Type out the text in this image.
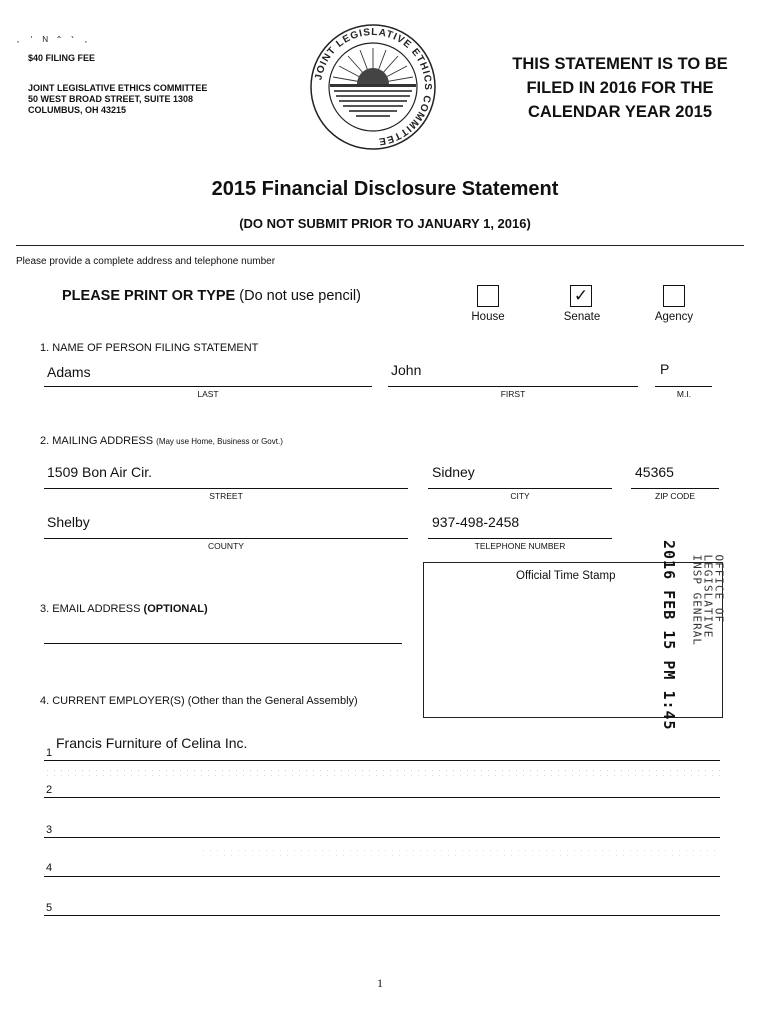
· ˈ ᴺ ˆ ˋ ·
$40 FILING FEE
JOINT LEGISLATIVE ETHICS COMMITTEE
50 WEST BROAD STREET, SUITE 1308
COLUMBUS, OH 43215
JOINT LEGISLATIVE ETHICS COMMITTEE
THIS STATEMENT IS TO BE
FILED IN 2016 FOR THE
CALENDAR YEAR 2015
2015 Financial Disclosure Statement
(DO NOT SUBMIT PRIOR TO JANUARY 1, 2016)
Please provide a complete address and telephone number
PLEASE PRINT OR TYPE (Do not use pencil)
House
✓
Senate	Agency
1. NAME OF PERSON FILING STATEMENT
Adams	John	P
LAST	FIRST	M.I.
2. MAILING ADDRESS (May use Home, Business or Govt.)
1509 Bon Air Cir.	Sidney	45365
STREET	CITY	ZIP CODE
Shelby	937-498-2458
COUNTY	TELEPHONE NUMBER
Official Time Stamp	2016 FEB 15 PM 1:45	OFFICE OF
LEGISLATIVE
INSP GENERAL
3. EMAIL ADDRESS (OPTIONAL)
4. CURRENT EMPLOYER(S) (Other than the General Assembly)
1
Francis Furniture of Celina Inc.
2
3
4
5
1
